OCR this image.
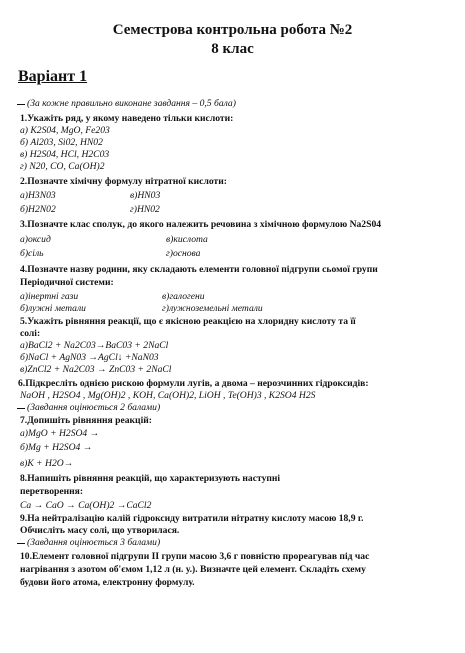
Семестрова контрольна робота №2
8 клас
Варіант 1
(За кожне правильно виконане завдання – 0,5 бала)
1.Укажіть ряд, у якому наведено тільки кислоти:
а) K2S04, MgO, Fe203
б) Al203, Si02, HN02
в) H2S04, HCl, H2C03
г) N20, CO, Ca(OH)2
2.Позначте хімічну формулу нітратної кислоти:
а)H3N03	в)HN03
б)H2N02	г)HN02
3.Позначте клас сполук, до якого належить речовина з хімічною формулою Na2S04
а)оксид	в)кислота
б)сіль	г)основа
4.Позначте назву родини, яку складають елементи головної підгрупи сьомої групи
Періодичної системи:
а)інертні гази	в)галогени
б)лужні метали	г)лужноземельні метали
5.Укажіть рівняння реакції, що є якісною реакцією на хлоридну кислоту та її
солі:
а)BaCl2 + Na2C03→BaC03 + 2NaCl
б)NaCl + AgN03 →AgCl↓ +NaN03
в)ZnCl2 + Na2C03 → ZnC03 + 2NaCl
6.Підкресліть однією рискою формули лугів, а двома – нерозчинних гідроксидів:
NaOH , H2SO4 , Mg(OH)2 , KOH, Ca(OH)2, LiOH , Te(OH)3 , K2SO4 H2S
(Завдання оцінюється 2 балами)
7.Допишіть рівняння реакцій:
а)MgO + H2SO4 →
б)Mg + H2SO4 →
в)K + H2O→
8.Напишіть рівняння реакцій, що характеризують наступні
перетворення:
Ca → CaO → Ca(OH)2 →CaCl2
9.На нейтралізацію калій гідроксиду витратили нітратну кислоту масою 18,9 г.
Обчисліть масу солі, що утворилася.
(Завдання оцінюється 3 балами)
10.Елемент головної підгрупи ІІ групи масою 3,6 г повністю прореагував під час
нагрівання з азотом об'ємом 1,12 л (н. у.). Визначте цей елемент. Складіть схему
будови його атома, електронну формулу.
